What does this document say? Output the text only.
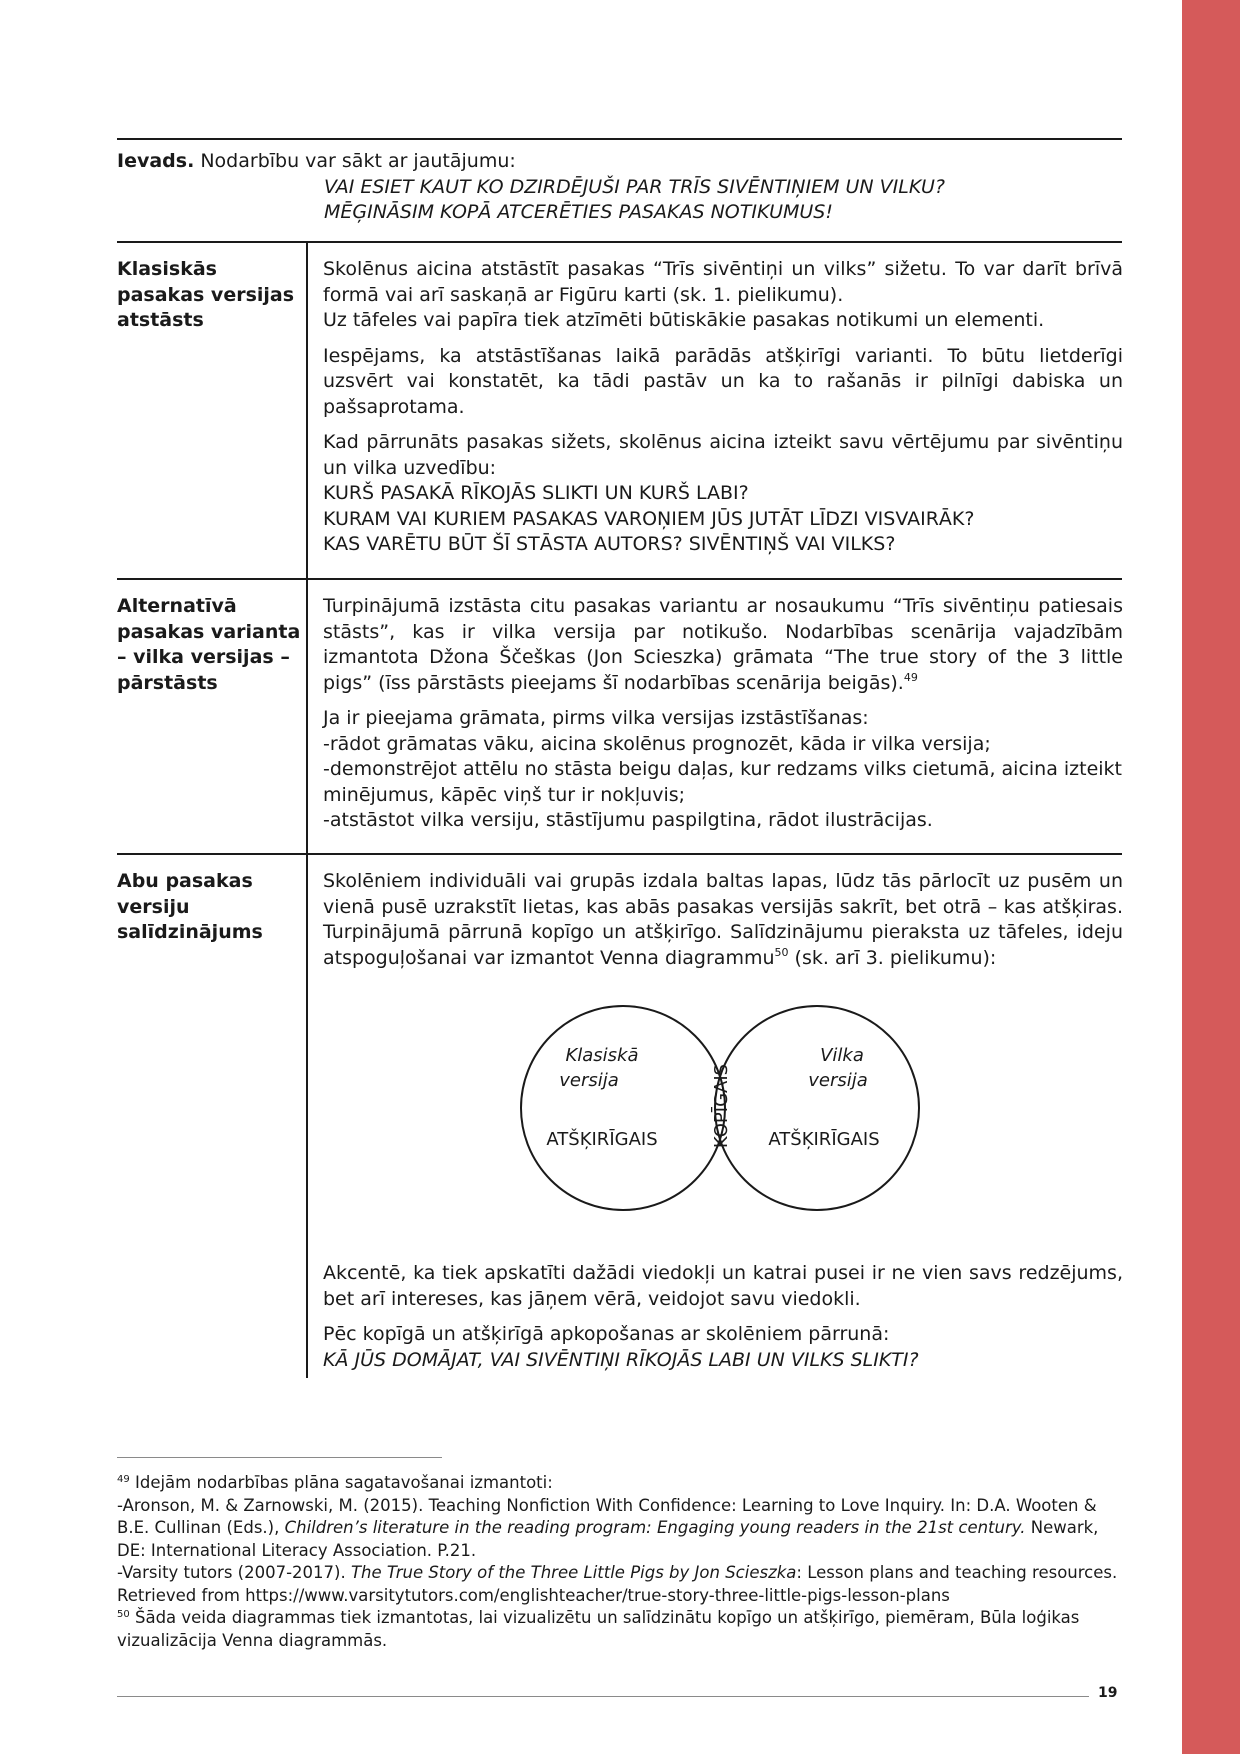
Ievads. Nodarbību var sākt ar jautājumu:
VAI ESIET KAUT KO DZIRDĒJUŠI PAR TRĪS SIVĒNTIŅIEM UN VILKU?
MĒĢINĀSIM KOPĀ ATCERĒTIES PASAKAS NOTIKUMUS!
Klasiskās pasakas versijas atstāsts

Skolēnus aicina atstāstīt pasakas “Trīs sivēntiņi un vilks” sižetu. To var darīt brīvā formā vai arī saskaņā ar Figūru karti (sk. 1. pielikumu).

Uz tāfeles vai papīra tiek atzīmēti būtiskākie pasakas notikumi un elementi.

Iespējams, ka atstāstīšanas laikā parādās atšķirīgi varianti. To būtu lietderīgi uzsvērt vai konstatēt, ka tādi pastāv un ka to rašanās ir pilnīgi dabiska un pašsaprotama.

Kad pārrunāts pasakas sižets, skolēnus aicina izteikt savu vērtējumu par sivēntiņu un vilka uzvedību:

KURŠ PASAKĀ RĪKOJĀS SLIKTI UN KURŠ LABI?
KURAM VAI KURIEM PASAKAS VAROŅIEM JŪS JUTĀT LĪDZI VISVAIRĀK?
KAS VARĒTU BŪT ŠĪ STĀSTA AUTORS? SIVĒNTIŅŠ VAI VILKS?
Alternatīvā pasakas varianta – vilka versijas – pārstāsts

Turpinājumā izstāsta citu pasakas variantu ar nosaukumu “Trīs sivēntiņu patiesais stāsts”, kas ir vilka versija par notikušo. Nodarbības scenārija vajadzībām izmantota Džona Ščeškas (Jon Scieszka) grāmata “The true story of the 3 little pigs” (īss pārstāsts pieejams šī nodarbības scenārija beigās).$^{49}$

Ja ir pieejama grāmata, pirms vilka versijas izstāstīšanas:
-rādot grāmatas vāku, aicina skolēnus prognozēt, kāda ir vilka versija;
-demonstrējot attēlu no stāsta beigu daļas, kur redzams vilks cietumā, aicina izteikt minējumus, kāpēc viņš tur ir nokļuvis;
-atstāstot vilka versiju, stāstījumu paspilgtina, rādot ilustrācijas.
Abu pasakas versiju salīdzinājums

Skolēniem individuāli vai grupās izdala baltas lapas, lūdz tās pārlocīt uz pusēm un vienā pusē uzrakstīt lietas, kas abās pasakas versijās sakrīt, bet otrā – kas atšķiras. Turpinājumā pārrunā kopīgo un atšķirīgo. Salīdzinājumu pieraksta uz tāfeles, ideju atspoguļošanai var izmantot Venna diagrammu$^{50}$ (sk. arī 3. pielikumu):

Klasiskā
versija
ATŠĶIRĪGAIS	KOPĪGAIS
Vilka
versija
ATŠĶIRĪGAIS

Akcentē, ka tiek apskatīti dažādi viedokļi un katrai pusei ir ne vien savs redzējums, bet arī intereses, kas jāņem vērā, veidojot savu viedokli.

Pēc kopīgā un atšķirīgā apkopošanas ar skolēniem pārrunā:
KĀ JŪS DOMĀJAT, VAI SIVĒNTIŅI RĪKOJĀS LABI UN VILKS SLIKTI?
$^{49}$ Idejām nodarbības plāna sagatavošanai izmantoti:
-Aronson, M. & Zarnowski, M. (2015). Teaching Nonfiction With Confidence: Learning to Love Inquiry. In: D.A. Wooten & B.E. Cullinan (Eds.), Children’s literature in the reading program: Engaging young readers in the 21st century. Newark, DE: International Literacy Association. P.21.
-Varsity tutors (2007-2017). The True Story of the Three Little Pigs by Jon Scieszka: Lesson plans and teaching resources. Retrieved from https://www.varsitytutors.com/englishteacher/true-story-three-little-pigs-lesson-plans
$^{50}$ Šāda veida diagrammas tiek izmantotas, lai vizualizētu un salīdzinātu kopīgo un atšķirīgo, piemēram, Būla loģikas vizualizācija Venna diagrammās.
19
